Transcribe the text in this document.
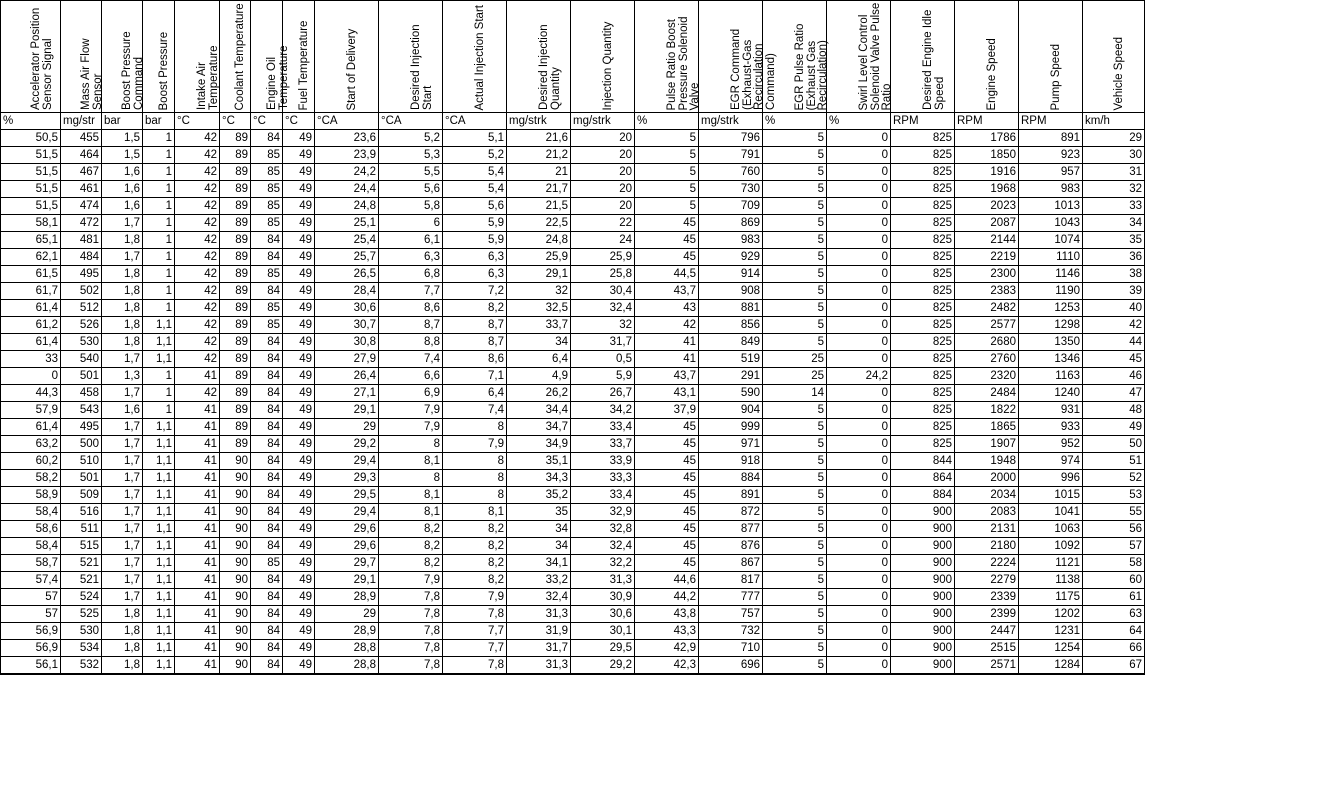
Accelerator Position Sensor Signal	Mass Air Flow Sensor	Boost Pressure Command	Boost Pressure	Intake Air Temperature	Coolant Temperature	Engine Oil Temperature	Fuel Temperature	Start of Delivery	Desired Injection Start	Actual Injection Start	Desired Injection Quantity	Injection Quantity	Pulse Ratio Boost Pressure Solenoid Valve	EGR Command (Exhaust-Gas Recirculation Command)	EGR Pulse Ratio (Exhaust Gas Recirculation)	Swirl Level Control Solenoid Valve Pulse Ratio	Desired Engine Idle Speed	Engine Speed	Pump Speed	Vehicle Speed

%	mg/str	bar	bar	°C	°C	°C	°C	°CA	°CA	°CA	mg/strk	mg/strk	%	mg/strk	%	%	RPM	RPM	RPM	km/h
50,5	455	1,5	1	42	89	84	49	23,6	5,2	5,1	21,6	20	5	796	5	0	825	1786	891	29
51,5	464	1,5	1	42	89	85	49	23,9	5,3	5,2	21,2	20	5	791	5	0	825	1850	923	30
51,5	467	1,6	1	42	89	85	49	24,2	5,5	5,4	21	20	5	760	5	0	825	1916	957	31
51,5	461	1,6	1	42	89	85	49	24,4	5,6	5,4	21,7	20	5	730	5	0	825	1968	983	32
51,5	474	1,6	1	42	89	85	49	24,8	5,8	5,6	21,5	20	5	709	5	0	825	2023	1013	33
58,1	472	1,7	1	42	89	85	49	25,1	6	5,9	22,5	22	45	869	5	0	825	2087	1043	34
65,1	481	1,8	1	42	89	84	49	25,4	6,1	5,9	24,8	24	45	983	5	0	825	2144	1074	35
62,1	484	1,7	1	42	89	84	49	25,7	6,3	6,3	25,9	25,9	45	929	5	0	825	2219	1110	36
61,5	495	1,8	1	42	89	85	49	26,5	6,8	6,3	29,1	25,8	44,5	914	5	0	825	2300	1146	38
61,7	502	1,8	1	42	89	84	49	28,4	7,7	7,2	32	30,4	43,7	908	5	0	825	2383	1190	39
61,4	512	1,8	1	42	89	85	49	30,6	8,6	8,2	32,5	32,4	43	881	5	0	825	2482	1253	40
61,2	526	1,8	1,1	42	89	85	49	30,7	8,7	8,7	33,7	32	42	856	5	0	825	2577	1298	42
61,4	530	1,8	1,1	42	89	84	49	30,8	8,8	8,7	34	31,7	41	849	5	0	825	2680	1350	44
33	540	1,7	1,1	42	89	84	49	27,9	7,4	8,6	6,4	0,5	41	519	25	0	825	2760	1346	45
0	501	1,3	1	41	89	84	49	26,4	6,6	7,1	4,9	5,9	43,7	291	25	24,2	825	2320	1163	46
44,3	458	1,7	1	42	89	84	49	27,1	6,9	6,4	26,2	26,7	43,1	590	14	0	825	2484	1240	47
57,9	543	1,6	1	41	89	84	49	29,1	7,9	7,4	34,4	34,2	37,9	904	5	0	825	1822	931	48
61,4	495	1,7	1,1	41	89	84	49	29	7,9	8	34,7	33,4	45	999	5	0	825	1865	933	49
63,2	500	1,7	1,1	41	89	84	49	29,2	8	7,9	34,9	33,7	45	971	5	0	825	1907	952	50
60,2	510	1,7	1,1	41	90	84	49	29,4	8,1	8	35,1	33,9	45	918	5	0	844	1948	974	51
58,2	501	1,7	1,1	41	90	84	49	29,3	8	8	34,3	33,3	45	884	5	0	864	2000	996	52
58,9	509	1,7	1,1	41	90	84	49	29,5	8,1	8	35,2	33,4	45	891	5	0	884	2034	1015	53
58,4	516	1,7	1,1	41	90	84	49	29,4	8,1	8,1	35	32,9	45	872	5	0	900	2083	1041	55
58,6	511	1,7	1,1	41	90	84	49	29,6	8,2	8,2	34	32,8	45	877	5	0	900	2131	1063	56
58,4	515	1,7	1,1	41	90	84	49	29,6	8,2	8,2	34	32,4	45	876	5	0	900	2180	1092	57
58,7	521	1,7	1,1	41	90	85	49	29,7	8,2	8,2	34,1	32,2	45	867	5	0	900	2224	1121	58
57,4	521	1,7	1,1	41	90	84	49	29,1	7,9	8,2	33,2	31,3	44,6	817	5	0	900	2279	1138	60
57	524	1,7	1,1	41	90	84	49	28,9	7,8	7,9	32,4	30,9	44,2	777	5	0	900	2339	1175	61
57	525	1,8	1,1	41	90	84	49	29	7,8	7,8	31,3	30,6	43,8	757	5	0	900	2399	1202	63
56,9	530	1,8	1,1	41	90	84	49	28,9	7,8	7,7	31,9	30,1	43,3	732	5	0	900	2447	1231	64
56,9	534	1,8	1,1	41	90	84	49	28,8	7,8	7,7	31,7	29,5	42,9	710	5	0	900	2515	1254	66
56,1	532	1,8	1,1	41	90	84	49	28,8	7,8	7,8	31,3	29,2	42,3	696	5	0	900	2571	1284	67
